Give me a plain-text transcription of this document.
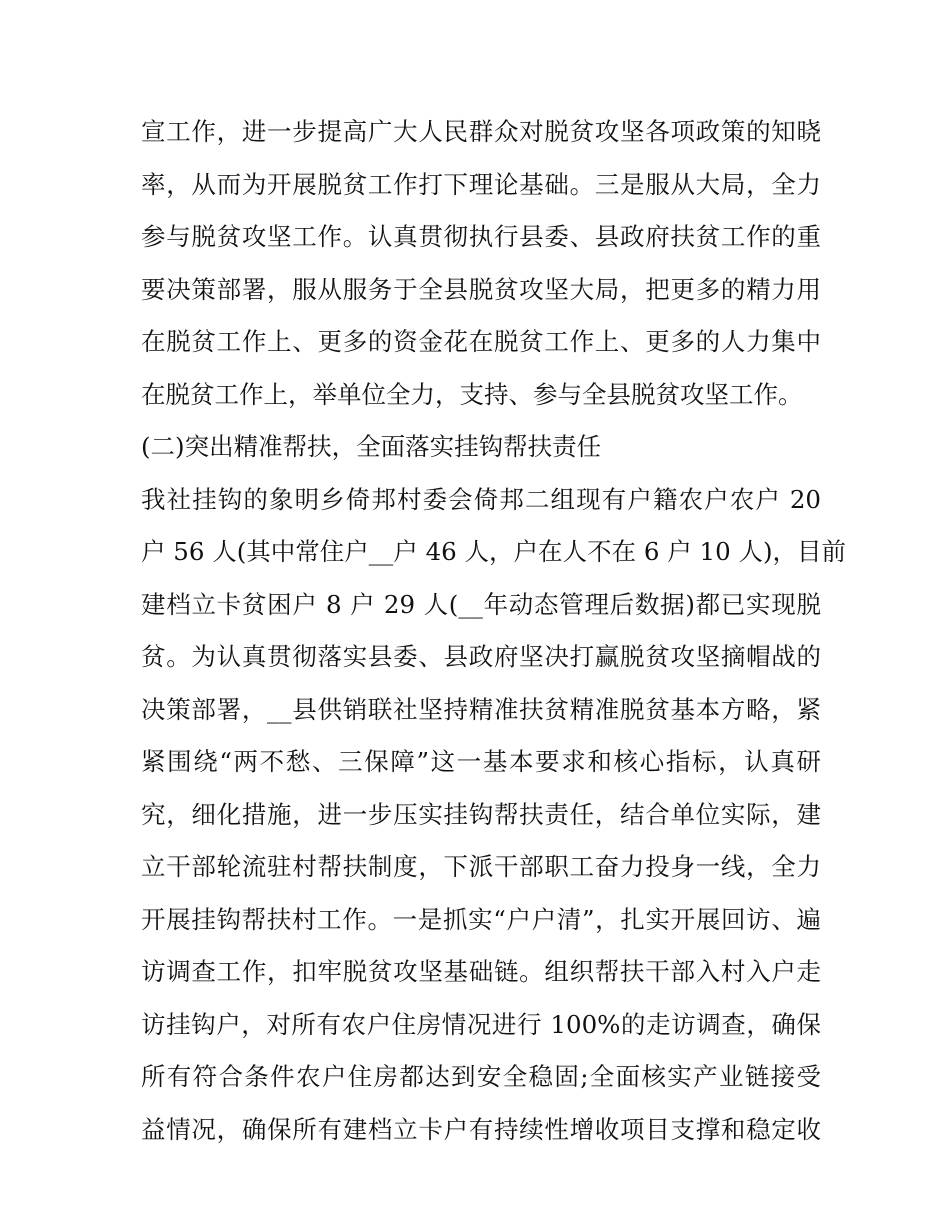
宣工作，进一步提高广大人民群众对脱贫攻坚各项政策的知晓
率，从而为开展脱贫工作打下理论基础。三是服从大局，全力
参与脱贫攻坚工作。认真贯彻执行县委、县政府扶贫工作的重
要决策部署，服从服务于全县脱贫攻坚大局，把更多的精力用
在脱贫工作上、更多的资金花在脱贫工作上、更多的人力集中
在脱贫工作上，举单位全力，支持、参与全县脱贫攻坚工作。
(二)突出精准帮扶，全面落实挂钩帮扶责任
我社挂钩的象明乡倚邦村委会倚邦二组现有户籍农户农户 20
户 56 人(其中常住户__户 46 人，户在人不在 6 户 10 人)，目前
建档立卡贫困户 8 户 29 人(__年动态管理后数据)都已实现脱
贫。为认真贯彻落实县委、县政府坚决打赢脱贫攻坚摘帽战的
决策部署，__县供销联社坚持精准扶贫精准脱贫基本方略，紧
紧围绕“两不愁、三保障”这一基本要求和核心指标，认真研
究，细化措施，进一步压实挂钩帮扶责任，结合单位实际，建
立干部轮流驻村帮扶制度，下派干部职工奋力投身一线，全力
开展挂钩帮扶村工作。一是抓实“户户清”，扎实开展回访、遍
访调查工作，扣牢脱贫攻坚基础链。组织帮扶干部入村入户走
访挂钩户，对所有农户住房情况进行 100%的走访调查，确保
所有符合条件农户住房都达到安全稳固;全面核实产业链接受
益情况，确保所有建档立卡户有持续性增收项目支撑和稳定收
